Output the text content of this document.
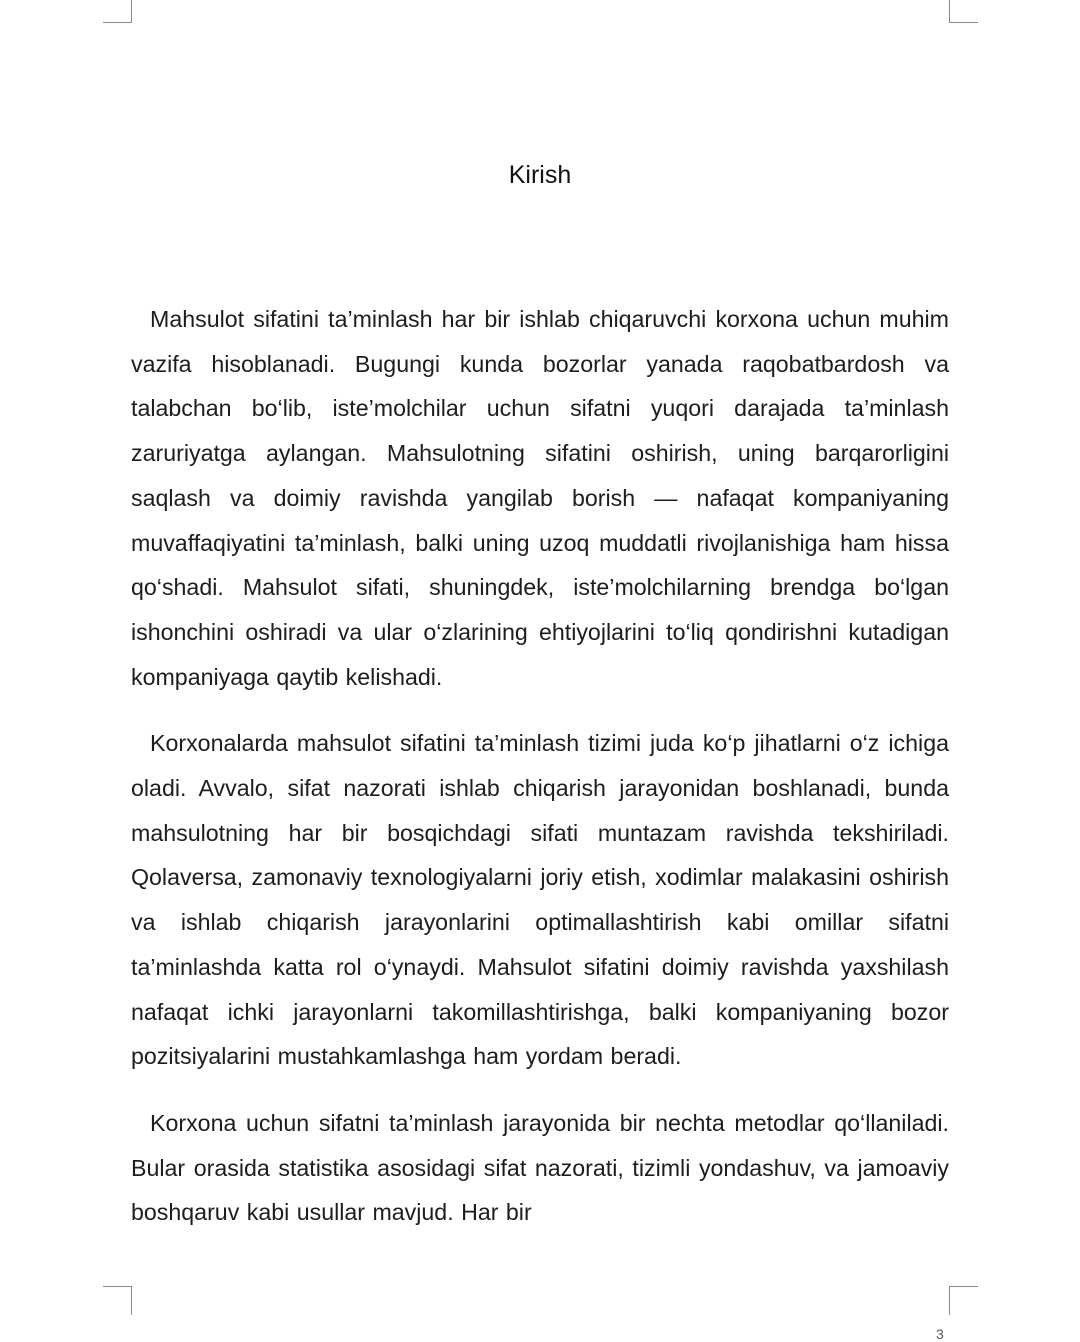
Kirish

Mahsulot sifatini ta’minlash har bir ishlab chiqaruvchi korxona uchun muhim vazifa hisoblanadi. Bugungi kunda bozorlar yanada raqobatbardosh va talabchan bo‘lib, iste’molchilar uchun sifatni yuqori darajada ta’minlash zaruriyatga aylangan. Mahsulotning sifatini oshirish, uning barqarorligini saqlash va doimiy ravishda yangilab borish — nafaqat kompaniyaning muvaffaqiyatini ta’minlash, balki uning uzoq muddatli rivojlanishiga ham hissa qo‘shadi. Mahsulot sifati, shuningdek, iste’molchilarning brendga bo‘lgan ishonchini oshiradi va ular o‘zlarining ehtiyojlarini to‘liq qondirishni kutadigan kompaniyaga qaytib kelishadi.

Korxonalarda mahsulot sifatini ta’minlash tizimi juda ko‘p jihatlarni o‘z ichiga oladi. Avvalo, sifat nazorati ishlab chiqarish jarayonidan boshlanadi, bunda mahsulotning har bir bosqichdagi sifati muntazam ravishda tekshiriladi. Qolaversa, zamonaviy texnologiyalarni joriy etish, xodimlar malakasini oshirish va ishlab chiqarish jarayonlarini optimallashtirish kabi omillar sifatni ta’minlashda katta rol o‘ynaydi. Mahsulot sifatini doimiy ravishda yaxshilash nafaqat ichki jarayonlarni takomillashtirishga, balki kompaniyaning bozor pozitsiyalarini mustahkamlashga ham yordam beradi.

Korxona uchun sifatni ta’minlash jarayonida bir nechta metodlar qo‘llaniladi. Bular orasida statistika asosidagi sifat nazorati, tizimli yondashuv, va jamoaviy boshqaruv kabi usullar mavjud. Har bir

3
